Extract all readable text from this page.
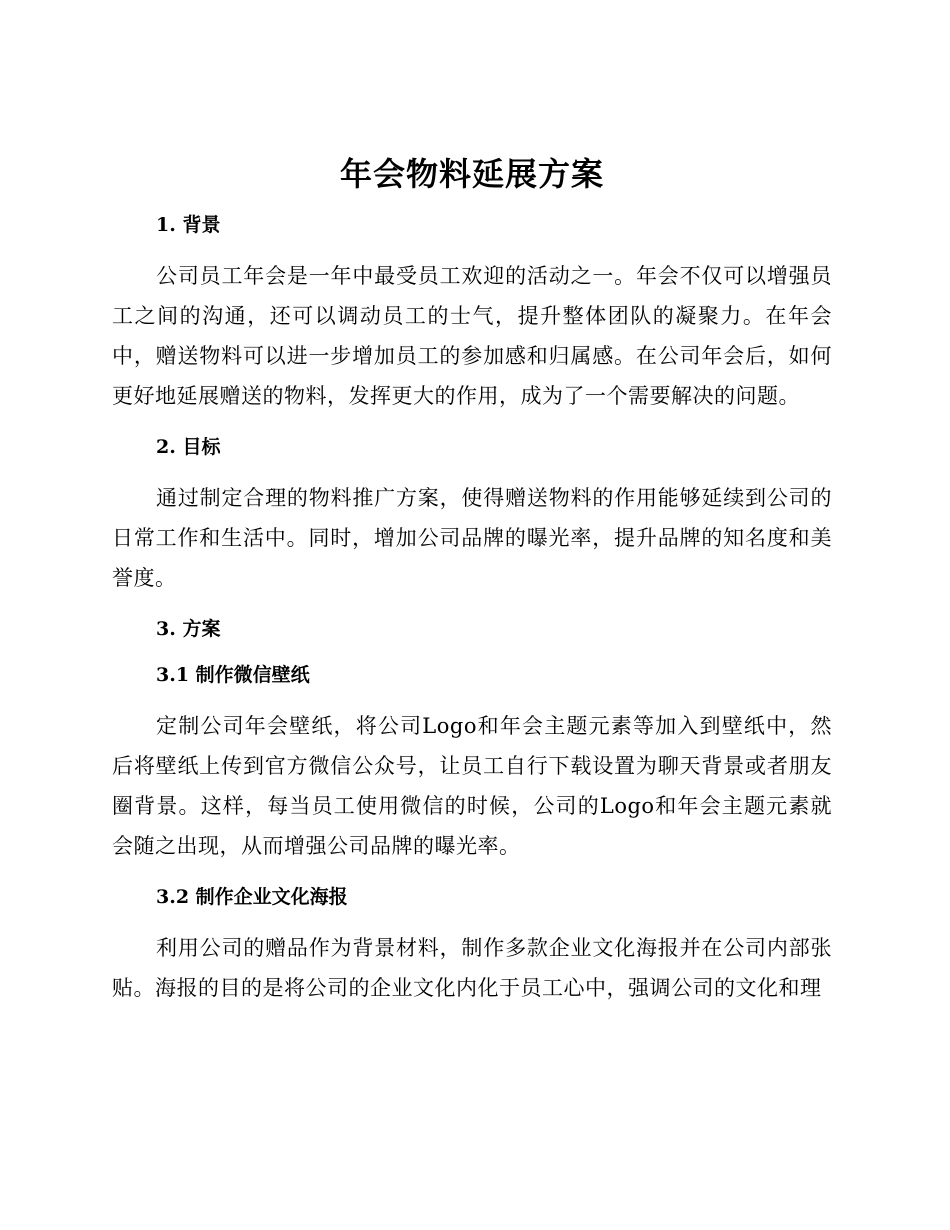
年会物料延展方案
1. 背景

公司员工年会是一年中最受员工欢迎的活动之一。年会不仅可以增强员工之间的沟通，还可以调动员工的士气，提升整体团队的凝聚力。在年会中，赠送物料可以进一步增加员工的参加感和归属感。在公司年会后，如何更好地延展赠送的物料，发挥更大的作用，成为了一个需要解决的问题。

2. 目标

通过制定合理的物料推广方案，使得赠送物料的作用能够延续到公司的日常工作和生活中。同时，增加公司品牌的曝光率，提升品牌的知名度和美誉度。

3. 方案
3.1 制作微信壁纸

定制公司年会壁纸，将公司Logo和年会主题元素等加入到壁纸中，然后将壁纸上传到官方微信公众号，让员工自行下载设置为聊天背景或者朋友圈背景。这样，每当员工使用微信的时候，公司的Logo和年会主题元素就会随之出现，从而增强公司品牌的曝光率。

3.2 制作企业文化海报

利用公司的赠品作为背景材料，制作多款企业文化海报并在公司内部张贴。海报的目的是将公司的企业文化内化于员工心中，强调公司的文化和理
